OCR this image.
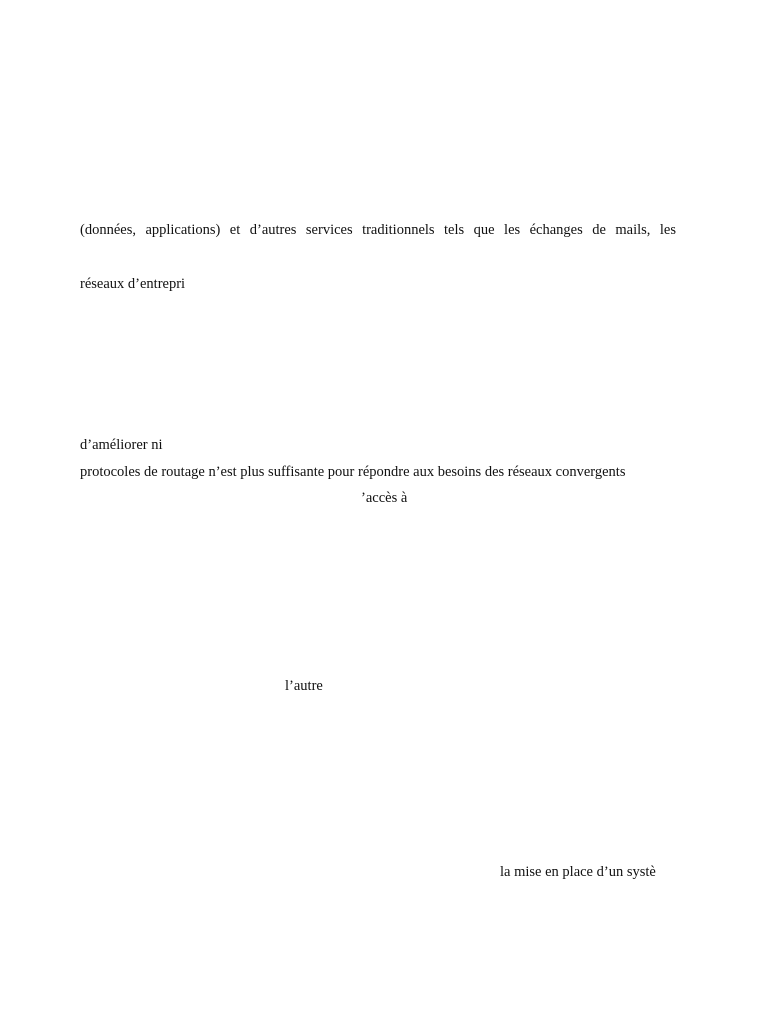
(données, applications) et d’autres services traditionnels tels que les échanges de mails, les
réseaux d’entrepri
d’améliorer ni
protocoles de routage n’est plus suffisante pour répondre aux besoins des réseaux convergents
’accès à
l’autre
la mise en place d’un systè
